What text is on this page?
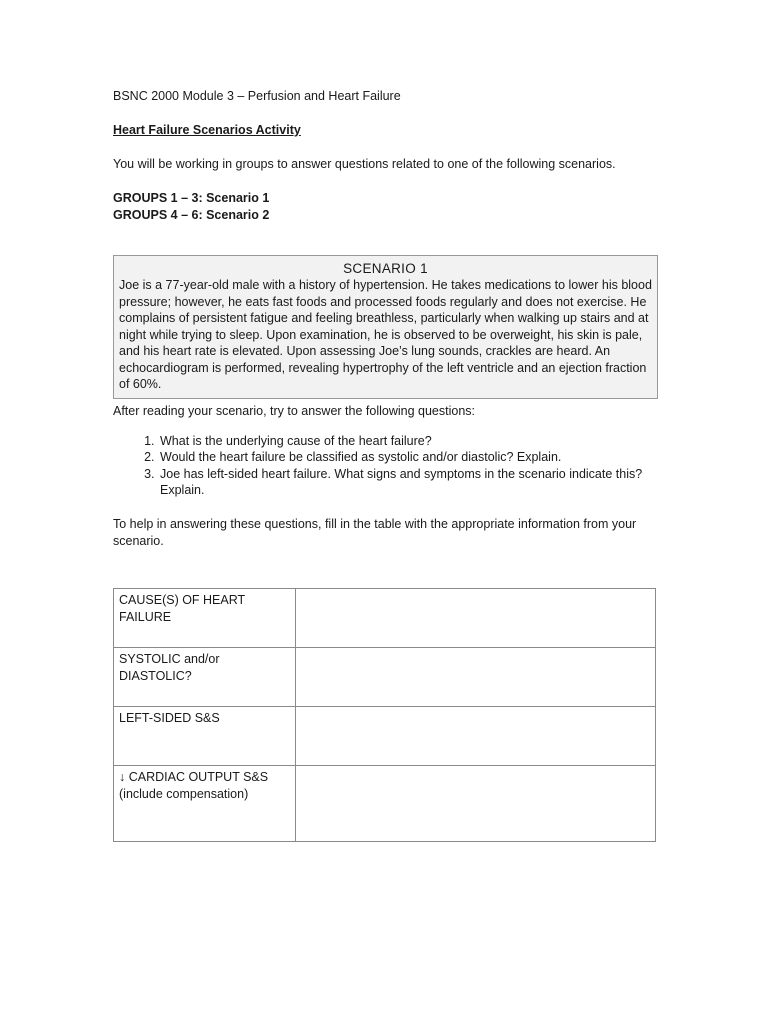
BSNC 2000 Module 3 – Perfusion and Heart Failure

Heart Failure Scenarios Activity

You will be working in groups to answer questions related to one of the following scenarios.

GROUPS 1 – 3: Scenario 1

GROUPS 4 – 6: Scenario 2

SCENARIO 1
Joe is a 77-year-old male with a history of hypertension. He takes medications to lower his blood pressure; however, he eats fast foods and processed foods regularly and does not exercise. He complains of persistent fatigue and feeling breathless, particularly when walking up stairs and at night while trying to sleep. Upon examination, he is observed to be overweight, his skin is pale, and his heart rate is elevated. Upon assessing Joe’s lung sounds, crackles are heard. An echocardiogram is performed, revealing hypertrophy of the left ventricle and an ejection fraction of 60%.

After reading your scenario, try to answer the following questions:

1. What is the underlying cause of the heart failure?
2. Would the heart failure be classified as systolic and/or diastolic? Explain.
3. Joe has left-sided heart failure. What signs and symptoms in the scenario indicate this? Explain.

To help in answering these questions, fill in the table with the appropriate information from your scenario.

CAUSE(S) OF HEART FAILURE	
SYSTOLIC and/or DIASTOLIC?	
LEFT-SIDED S&S	

↓ CARDIAC OUTPUT S&S
(include compensation)	
